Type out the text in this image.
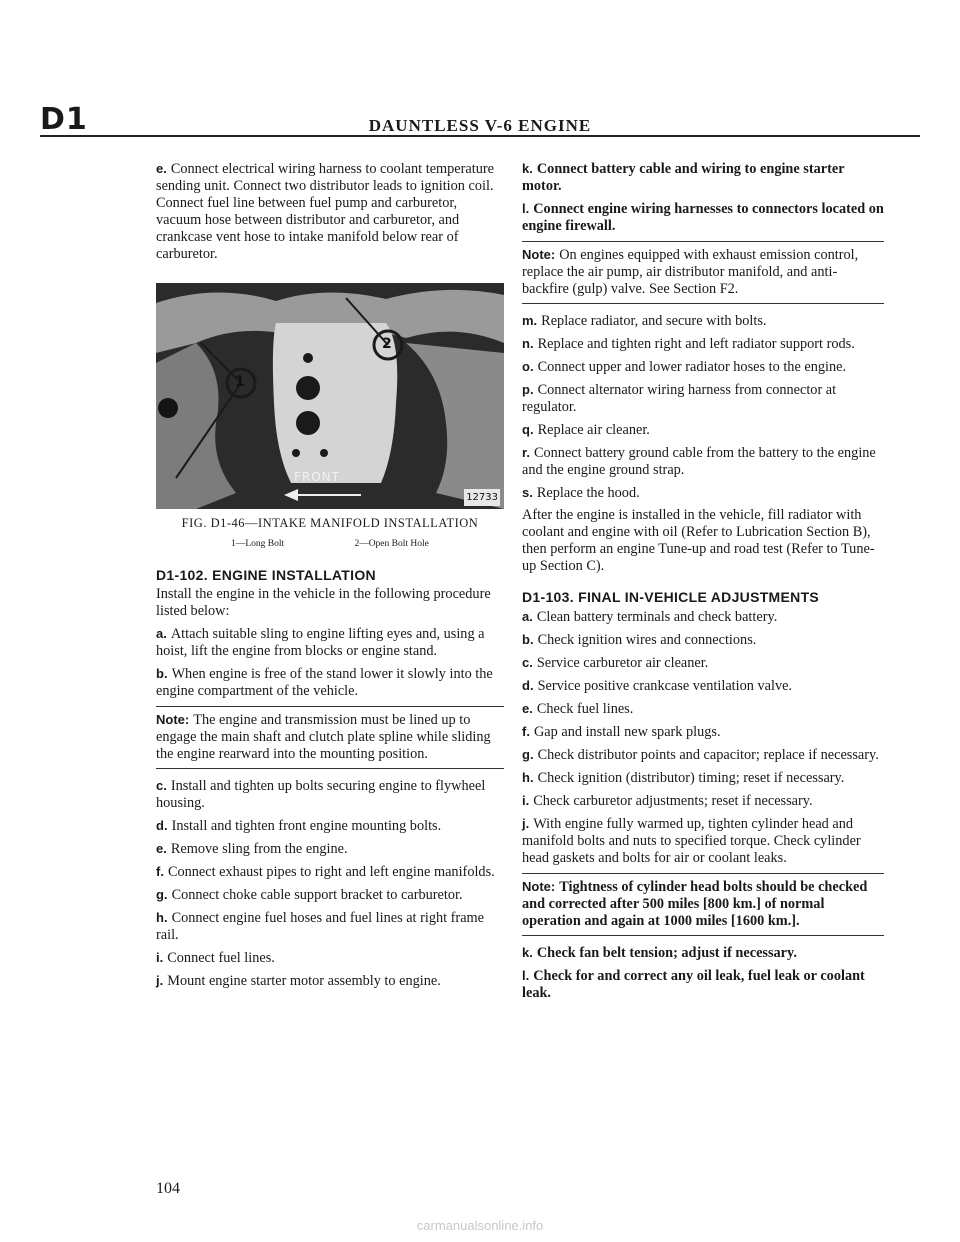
D1	DAUNTLESS V-6 ENGINE

e. Connect electrical wiring harness to coolant temperature sending unit. Connect two distributor leads to ignition coil. Connect fuel line between fuel pump and carburetor, vacuum hose between distributor and carburetor, and crankcase vent hose to intake manifold below rear of carburetor.

1
2
FRONT
12733
FIG. D1-46—INTAKE MANIFOLD INSTALLATION
1—Long Bolt	2—Open Bolt Hole
D1-102. ENGINE INSTALLATION

Install the engine in the vehicle in the following procedure listed below:

a. Attach suitable sling to engine lifting eyes and, using a hoist, lift the engine from blocks or engine stand.

b. When engine is free of the stand lower it slowly into the engine compartment of the vehicle.

Note: The engine and transmission must be lined up to engage the main shaft and clutch plate spline while sliding the engine rearward into the mounting position.

c. Install and tighten up bolts securing engine to flywheel housing.

d. Install and tighten front engine mounting bolts.

e. Remove sling from the engine.

f. Connect exhaust pipes to right and left engine manifolds.

g. Connect choke cable support bracket to carburetor.

h. Connect engine fuel hoses and fuel lines at right frame rail.

i. Connect fuel lines.

j. Mount engine starter motor assembly to engine.

k. Connect battery cable and wiring to engine starter motor.

l. Connect engine wiring harnesses to connectors located on engine firewall.

Note: On engines equipped with exhaust emission control, replace the air pump, air distributor manifold, and anti-backfire (gulp) valve. See Section F2.

m. Replace radiator, and secure with bolts.

n. Replace and tighten right and left radiator support rods.

o. Connect upper and lower radiator hoses to the engine.

p. Connect alternator wiring harness from connector at regulator.

q. Replace air cleaner.

r. Connect battery ground cable from the battery to the engine and the engine ground strap.

s. Replace the hood.

After the engine is installed in the vehicle, fill radiator with coolant and engine with oil (Refer to Lubrication Section B), then perform an engine Tune-up and road test (Refer to Tune-up Section C).

D1-103. FINAL IN-VEHICLE ADJUSTMENTS

a. Clean battery terminals and check battery.

b. Check ignition wires and connections.

c. Service carburetor air cleaner.

d. Service positive crankcase ventilation valve.

e. Check fuel lines.

f. Gap and install new spark plugs.

g. Check distributor points and capacitor; replace if necessary.

h. Check ignition (distributor) timing; reset if necessary.

i. Check carburetor adjustments; reset if necessary.

j. With engine fully warmed up, tighten cylinder head and manifold bolts and nuts to specified torque. Check cylinder head gaskets and bolts for air or coolant leaks.

Note: Tightness of cylinder head bolts should be checked and corrected after 500 miles [800 km.] of normal operation and again at 1000 miles [1600 km.].

k. Check fan belt tension; adjust if necessary.

l. Check for and correct any oil leak, fuel leak or coolant leak.

104
carmanualsonline.info
